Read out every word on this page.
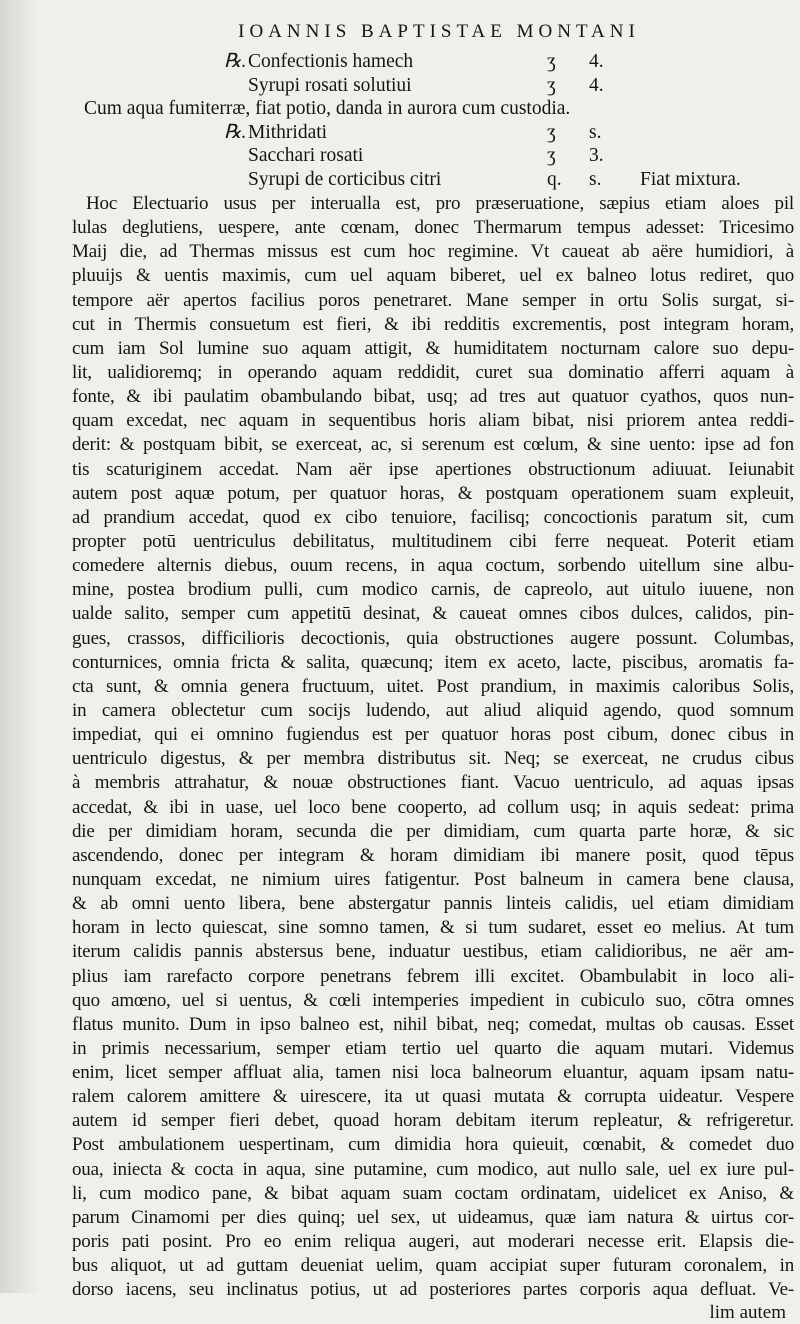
IOANNIS BAPTISTAE MONTANI
℞.Confectionis hamech	ʒ 4.
Syrupi rosati solutiui	ʒ 4.
Cum aqua fumiterræ, fiat potio, danda in aurora cum custodia.
℞.Mithridati	ʒ s.
Sacchari rosati	ʒ 3.
Syrupi de corticibus citri	q. s. Fiat mixtura.
Hoc Electuario usus per interualla est, pro præseruatione, sæpius etiam aloes pil
lulas deglutiens, uespere, ante cœnam, donec Thermarum tempus adesset: Tricesimo
Maij die, ad Thermas missus est cum hoc regimine. Vt caueat ab aëre humidiori, à
pluuijs & uentis maximis, cum uel aquam biberet, uel ex balneo lotus rediret, quo
tempore aër apertos facilius poros penetraret. Mane semper in ortu Solis surgat, si-
cut in Thermis consuetum est fieri, & ibi redditis excrementis, post integram horam,
cum iam Sol lumine suo aquam attigit, & humiditatem nocturnam calore suo depu-
lit, ualidioremq; in operando aquam reddidit, curet sua dominatio afferri aquam à
fonte, & ibi paulatim obambulando bibat, usq; ad tres aut quatuor cyathos, quos nun-
quam excedat, nec aquam in sequentibus horis aliam bibat, nisi priorem antea reddi-
derit: & postquam bibit, se exerceat, ac, si serenum est cœlum, & sine uento: ipse ad fon
tis scaturiginem accedat. Nam aër ipse apertiones obstructionum adiuuat. Ieiunabit
autem post aquæ potum, per quatuor horas, & postquam operationem suam expleuit,
ad prandium accedat, quod ex cibo tenuiore, facilisq; concoctionis paratum sit, cum
propter potū uentriculus debilitatus, multitudinem cibi ferre nequeat. Poterit etiam
comedere alternis diebus, ouum recens, in aqua coctum, sorbendo uitellum sine albu-
mine, postea brodium pulli, cum modico carnis, de capreolo, aut uitulo iuuene, non
ualde salito, semper cum appetitū desinat, & caueat omnes cibos dulces, calidos, pin-
gues, crassos, difficilioris decoctionis, quia obstructiones augere possunt. Columbas,
conturnices, omnia fricta & salita, quæcunq; item ex aceto, lacte, piscibus, aromatis fa-
cta sunt, & omnia genera fructuum, uitet. Post prandium, in maximis caloribus Solis,
in camera oblectetur cum socijs ludendo, aut aliud aliquid agendo, quod somnum
impediat, qui ei omnino fugiendus est per quatuor horas post cibum, donec cibus in
uentriculo digestus, & per membra distributus sit. Neq; se exerceat, ne crudus cibus
à membris attrahatur, & nouæ obstructiones fiant. Vacuo uentriculo, ad aquas ipsas
accedat, & ibi in uase, uel loco bene cooperto, ad collum usq; in aquis sedeat: prima
die per dimidiam horam, secunda die per dimidiam, cum quarta parte horæ, & sic
ascendendo, donec per integram & horam dimidiam ibi manere posit, quod tēpus
nunquam excedat, ne nimium uires fatigentur. Post balneum in camera bene clausa,
& ab omni uento libera, bene abstergatur pannis linteis calidis, uel etiam dimidiam
horam in lecto quiescat, sine somno tamen, & si tum sudaret, esset eo melius. At tum
iterum calidis pannis abstersus bene, induatur uestibus, etiam calidioribus, ne aër am-
plius iam rarefacto corpore penetrans febrem illi excitet. Obambulabit in loco ali-
quo amœno, uel si uentus, & cœli intemperies impedient in cubiculo suo, cōtra omnes
flatus munito. Dum in ipso balneo est, nihil bibat, neq; comedat, multas ob causas. Esset
in primis necessarium, semper etiam tertio uel quarto die aquam mutari. Videmus
enim, licet semper affluat alia, tamen nisi loca balneorum eluantur, aquam ipsam natu-
ralem calorem amittere & uirescere, ita ut quasi mutata & corrupta uideatur. Vespere
autem id semper fieri debet, quoad horam debitam iterum repleatur, & refrigeretur.
Post ambulationem uespertinam, cum dimidia hora quieuit, cœnabit, & comedet duo
oua, iniecta & cocta in aqua, sine putamine, cum modico, aut nullo sale, uel ex iure pul-
li, cum modico pane, & bibat aquam suam coctam ordinatam, uidelicet ex Aniso, &
parum Cinamomi per dies quinq; uel sex, ut uideamus, quæ iam natura & uirtus cor-
poris pati posint. Pro eo enim reliqua augeri, aut moderari necesse erit. Elapsis die-
bus aliquot, ut ad guttam deueniat uelim, quam accipiat super futuram coronalem, in
dorso iacens, seu inclinatus potius, ut ad posteriores partes corporis aqua defluat. Ve-
lim autem
